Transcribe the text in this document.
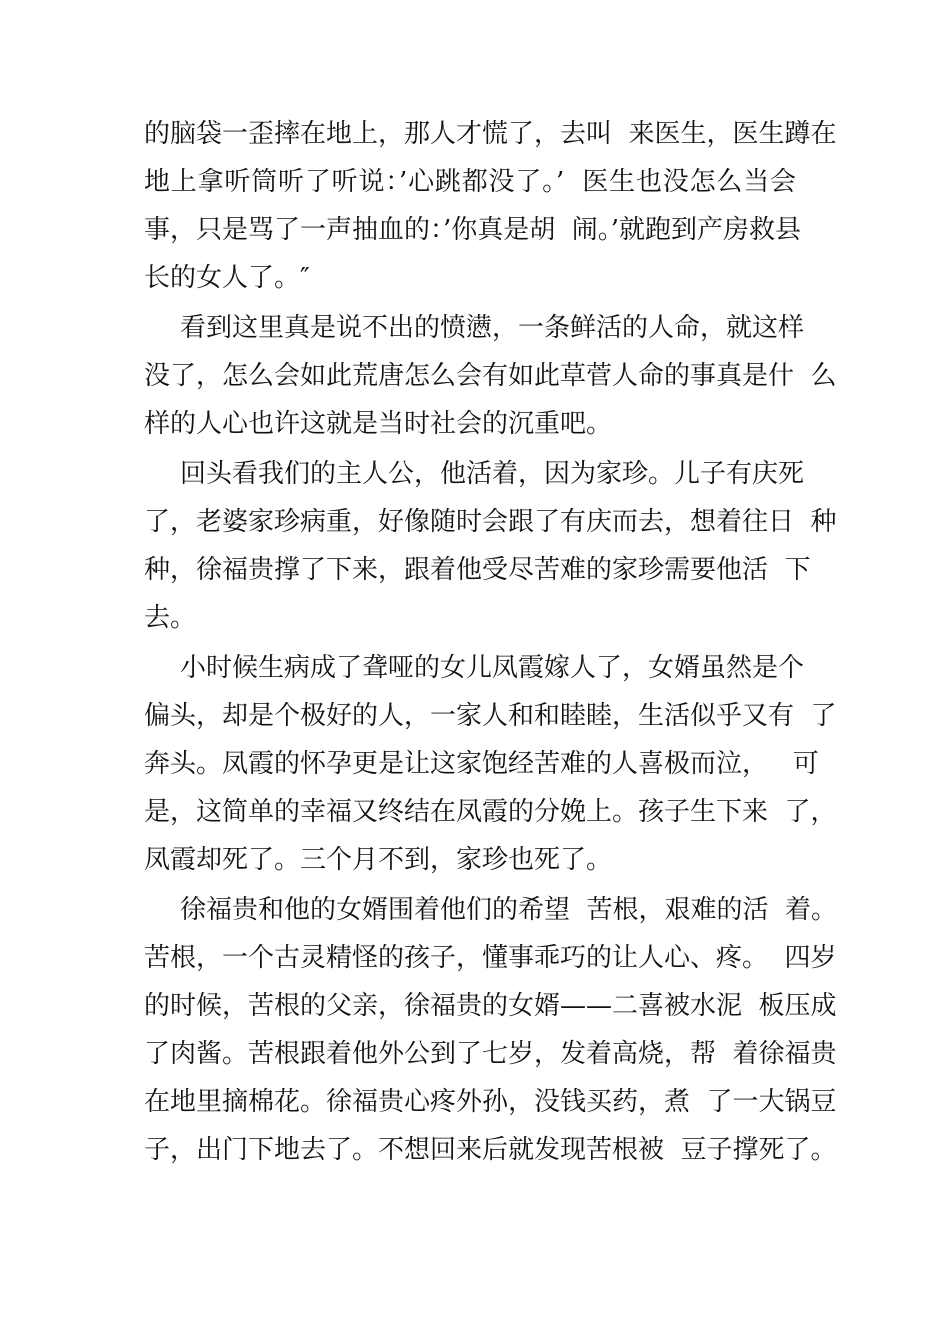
的脑袋一歪摔在地上，那人才慌了，去叫  来医生，医生蹲在
地上拿听筒听了听说：’心跳都没了。’  医生也没怎么当会
事，只是骂了一声抽血的：’你真是胡  闹。’就跑到产房救县
长的女人了。″
看到这里真是说不出的愤懑，一条鲜活的人命，就这样
没了，怎么会如此荒唐怎么会有如此草菅人命的事真是什  么
样的人心也许这就是当时社会的沉重吧。
回头看我们的主人公，他活着，因为家珍。儿子有庆死
了，老婆家珍病重，好像随时会跟了有庆而去，想着往日  种
种，徐福贵撑了下来，跟着他受尽苦难的家珍需要他活  下
去。
小时候生病成了聋哑的女儿凤霞嫁人了，女婿虽然是个
偏头，却是个极好的人，一家人和和睦睦，生活似乎又有  了
奔头。凤霞的怀孕更是让这家饱经苦难的人喜极而泣，   可
是，这简单的幸福又终结在凤霞的分娩上。孩子生下来  了，
凤霞却死了。三个月不到，家珍也死了。
徐福贵和他的女婿围着他们的希望  苦根，艰难的活  着。
苦根，一个古灵精怪的孩子，懂事乖巧的让人心、疼。  四岁
的时候，苦根的父亲，徐福贵的女婿——二喜被水泥  板压成
了肉酱。苦根跟着他外公到了七岁，发着高烧，帮  着徐福贵
在地里摘棉花。徐福贵心疼外孙，没钱买药，煮  了一大锅豆
子，出门下地去了。不想回来后就发现苦根被  豆子撑死了。
